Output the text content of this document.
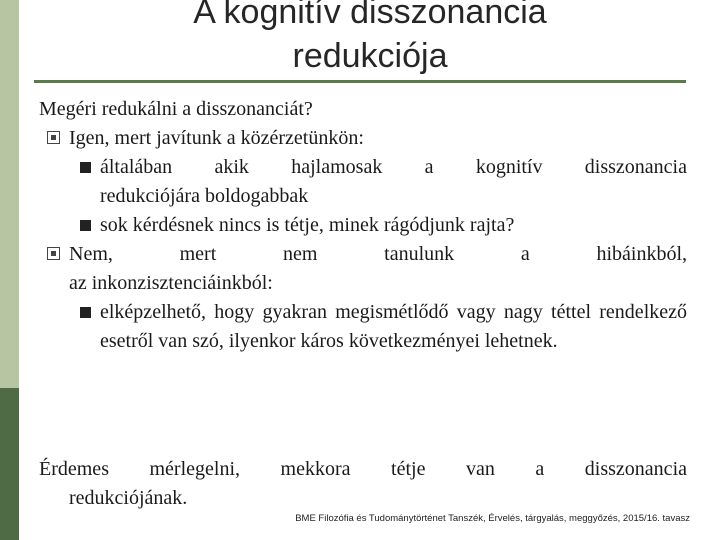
A kognitív disszonancia
redukciója

Megéri redukálni a disszonanciát?

Igen, mert javítunk a közérzetünkön:
általában akik hajlamosak a kognitív disszonancia
redukciójára boldogabbak
sok kérdésnek nincs is tétje, minek rágódjunk rajta?
Nem, mert nem tanulunk a hibáinkból,
az inkonzisztenciáinkból:
elképzelhető, hogy gyakran megismétlődő vagy nagy téttel rendelkező esetről van szó, ilyenkor káros következményei lehetnek.
Érdemes mérlegelni, mekkora tétje van a disszonancia
redukciójának.
BME Filozófia és Tudománytörténet Tanszék, Érvelés, tárgyalás, meggyőzés, 2015/16. tavasz
